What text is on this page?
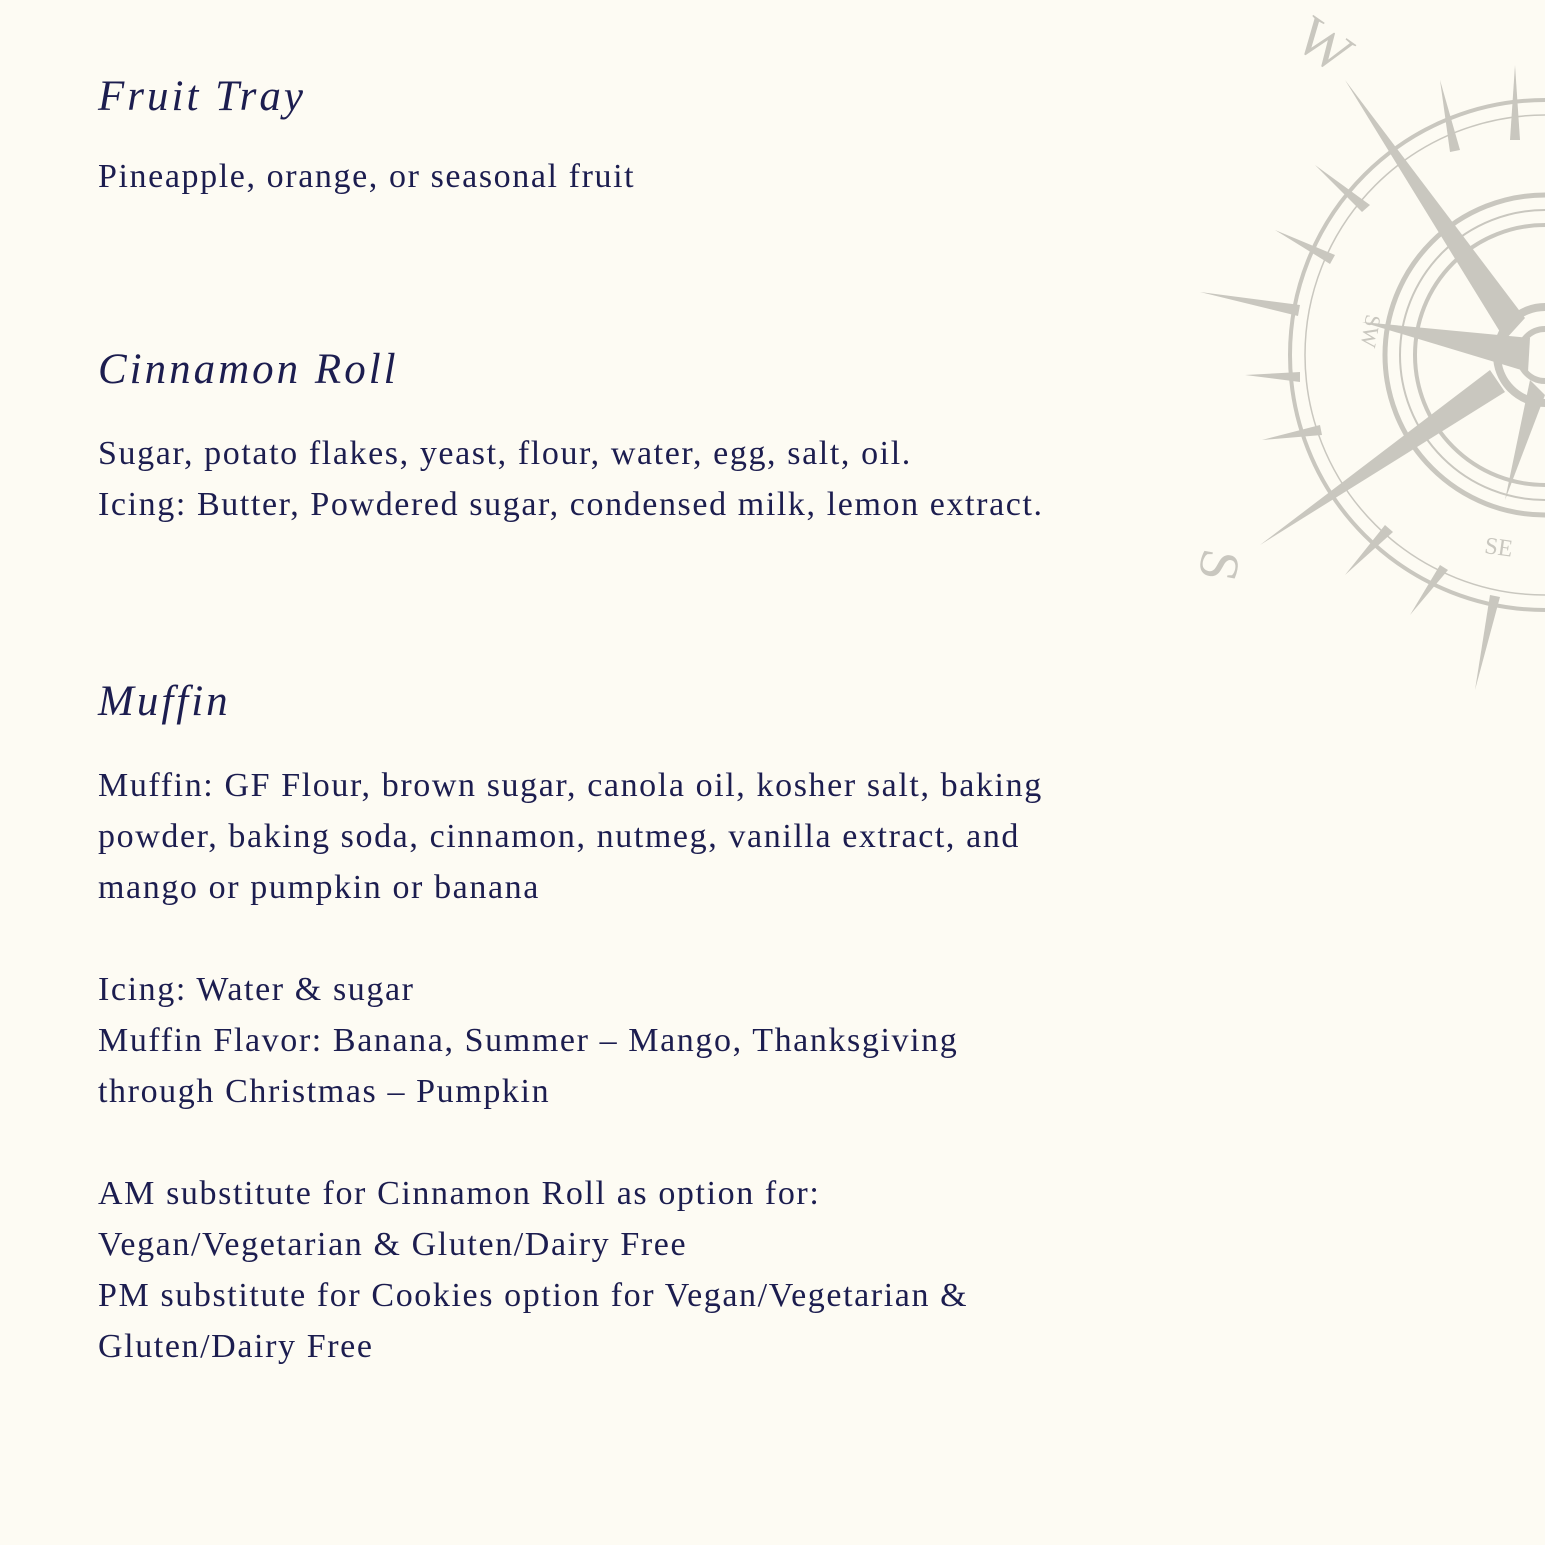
W
SW
S	SE
Fruit Tray

Pineapple, orange, or seasonal fruit

Cinnamon Roll

Sugar, potato flakes, yeast, flour, water, egg, salt, oil.
Icing: Butter, Powdered sugar, condensed milk, lemon extract.

Muffin

Muffin: GF Flour, brown sugar, canola oil, kosher salt, baking
powder, baking soda, cinnamon, nutmeg, vanilla extract, and
mango or pumpkin or banana

Icing: Water & sugar
Muffin Flavor: Banana, Summer – Mango, Thanksgiving
through Christmas – Pumpkin

AM substitute for Cinnamon Roll as option for:
Vegan/Vegetarian & Gluten/Dairy Free
PM substitute for Cookies option for Vegan/Vegetarian &
Gluten/Dairy Free
